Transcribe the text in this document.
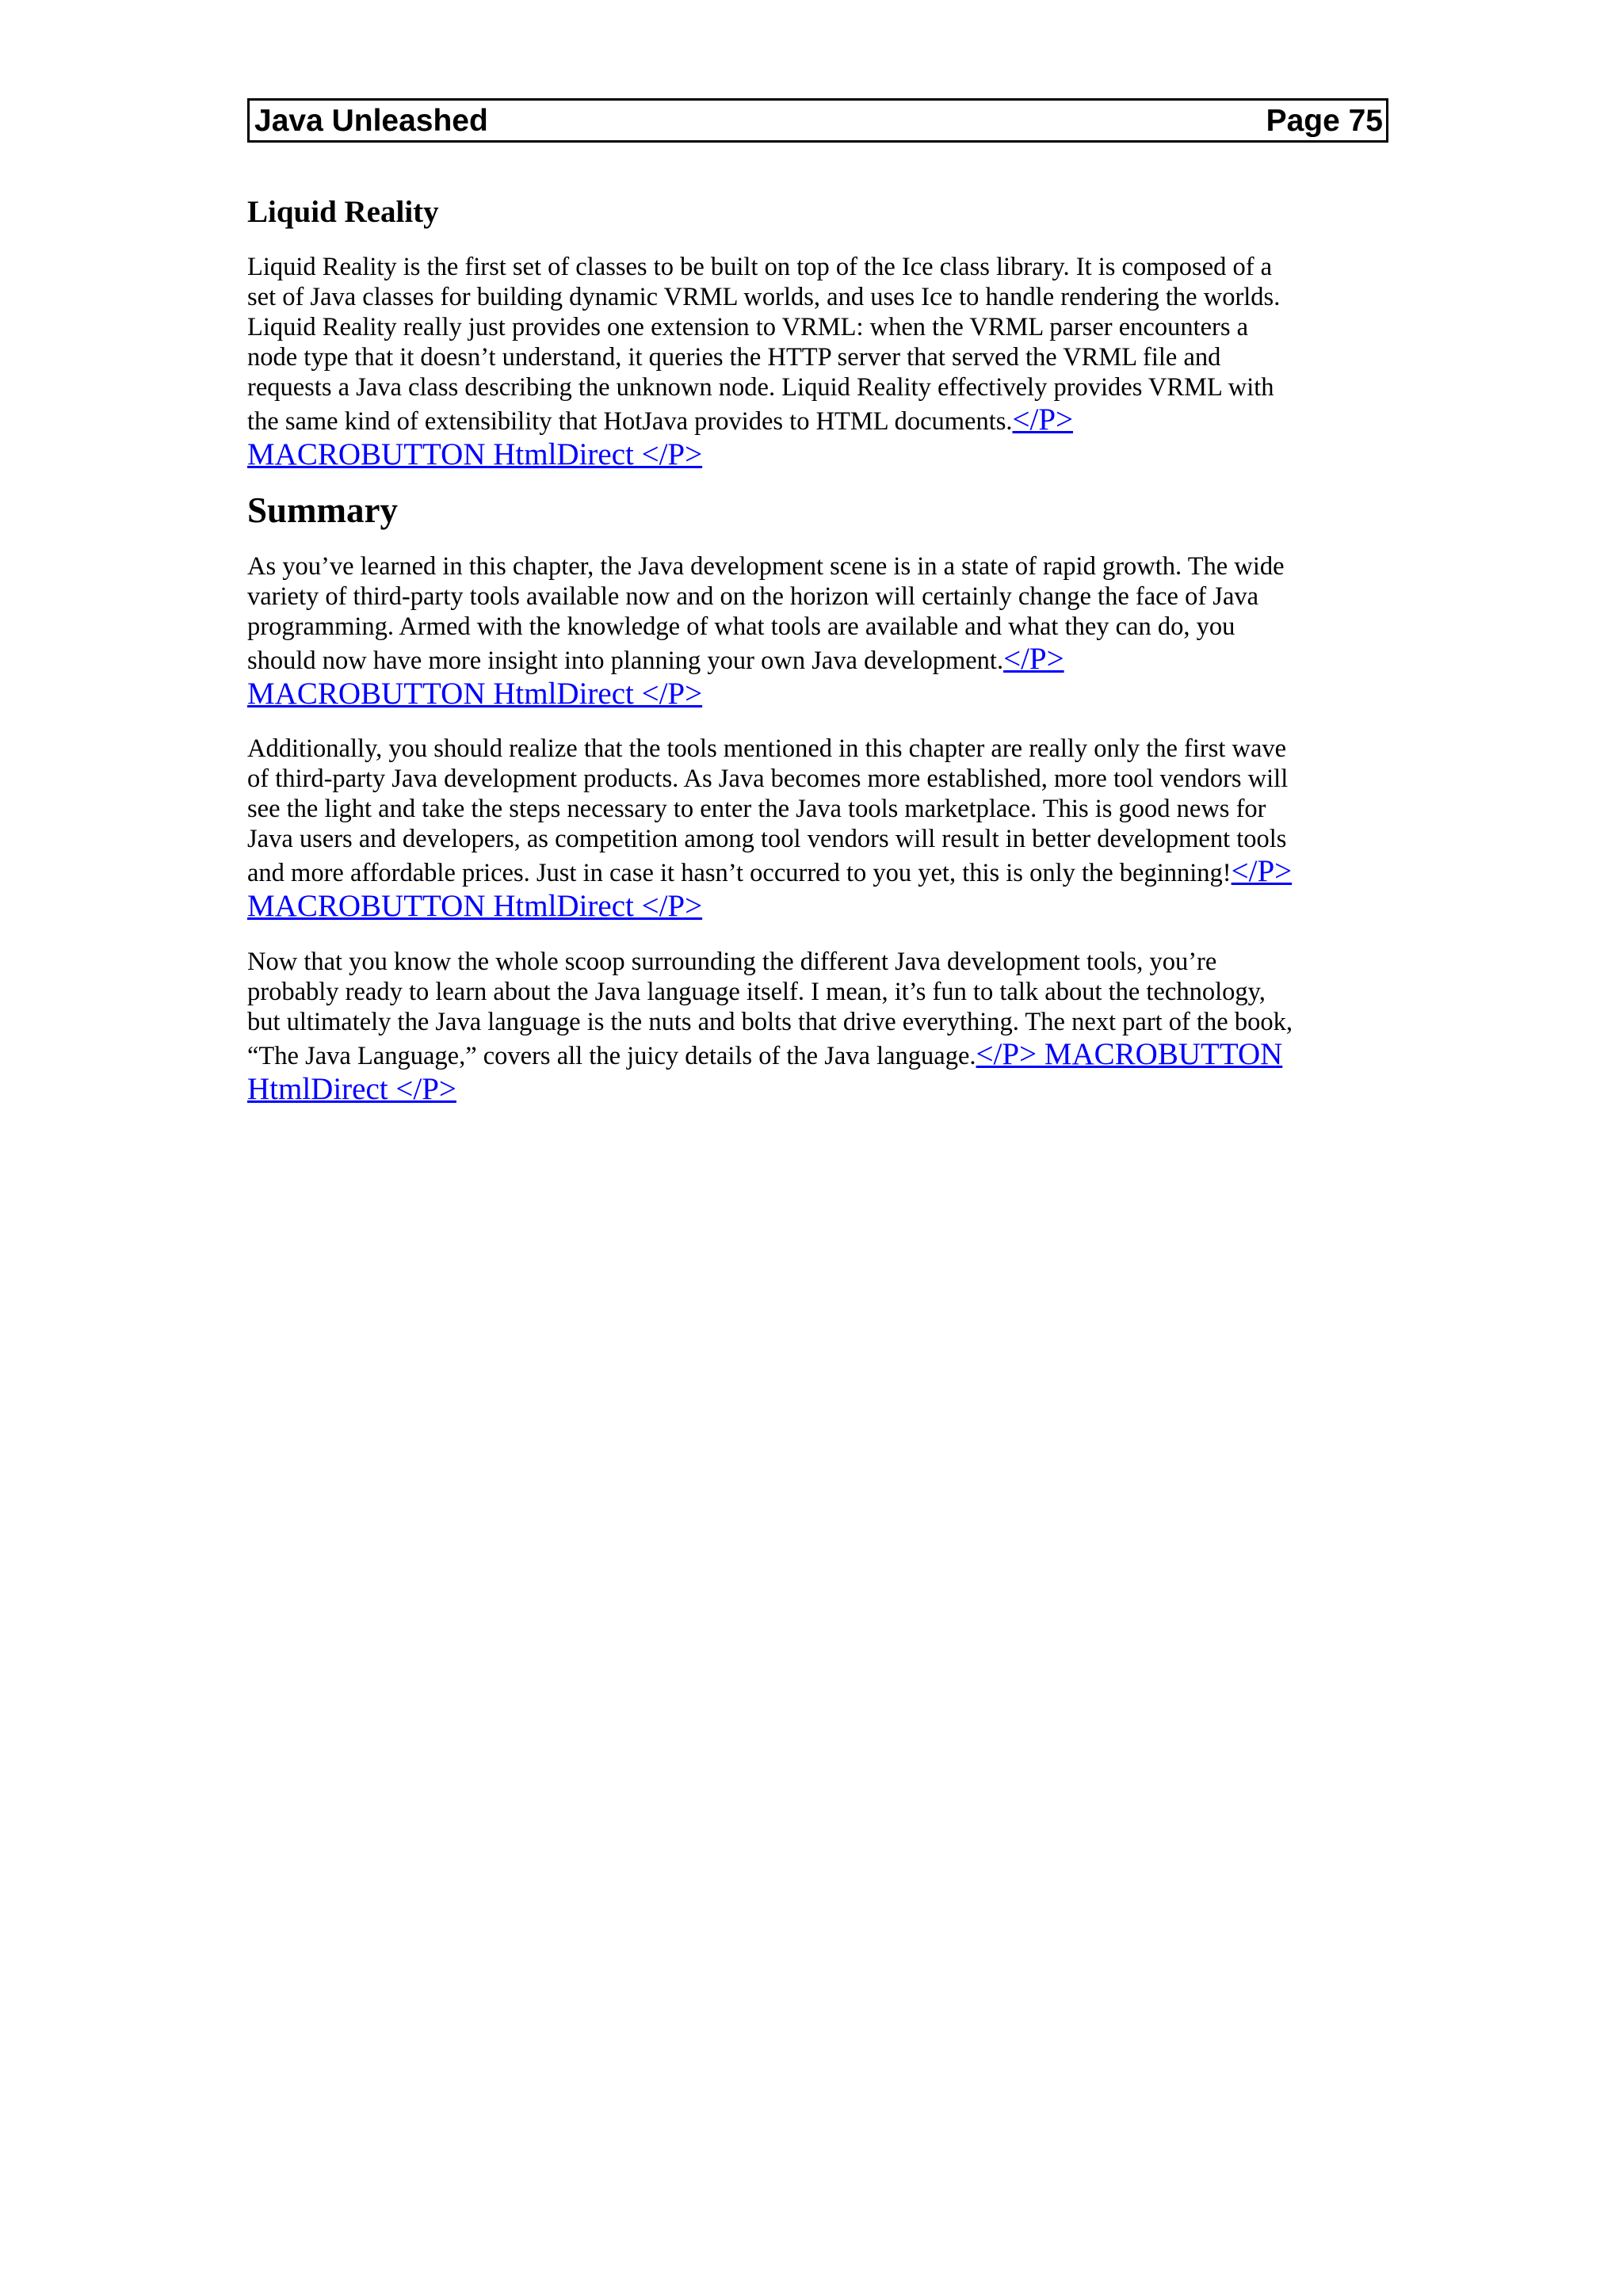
Java Unleashed	Page 75
Liquid Reality

Liquid Reality is the first set of classes to be built on top of the Ice class library. It is composed of a
set of Java classes for building dynamic VRML worlds, and uses Ice to handle rendering the worlds.
Liquid Reality really just provides one extension to VRML: when the VRML parser encounters a
node type that it doesn’t understand, it queries the HTTP server that served the VRML file and
requests a Java class describing the unknown node. Liquid Reality effectively provides VRML with
the same kind of extensibility that HotJava provides to HTML documents.</P>
MACROBUTTON HtmlDirect </P>

Summary

As you’ve learned in this chapter, the Java development scene is in a state of rapid growth. The wide
variety of third-party tools available now and on the horizon will certainly change the face of Java
programming. Armed with the knowledge of what tools are available and what they can do, you
should now have more insight into planning your own Java development.</P>
MACROBUTTON HtmlDirect </P>

Additionally, you should realize that the tools mentioned in this chapter are really only the first wave
of third-party Java development products. As Java becomes more established, more tool vendors will
see the light and take the steps necessary to enter the Java tools marketplace. This is good news for
Java users and developers, as competition among tool vendors will result in better development tools
and more affordable prices. Just in case it hasn’t occurred to you yet, this is only the beginning!</P>
MACROBUTTON HtmlDirect </P>

Now that you know the whole scoop surrounding the different Java development tools, you’re
probably ready to learn about the Java language itself. I mean, it’s fun to talk about the technology,
but ultimately the Java language is the nuts and bolts that drive everything. The next part of the book,
“The Java Language,” covers all the juicy details of the Java language.</P> MACROBUTTON
HtmlDirect </P>
